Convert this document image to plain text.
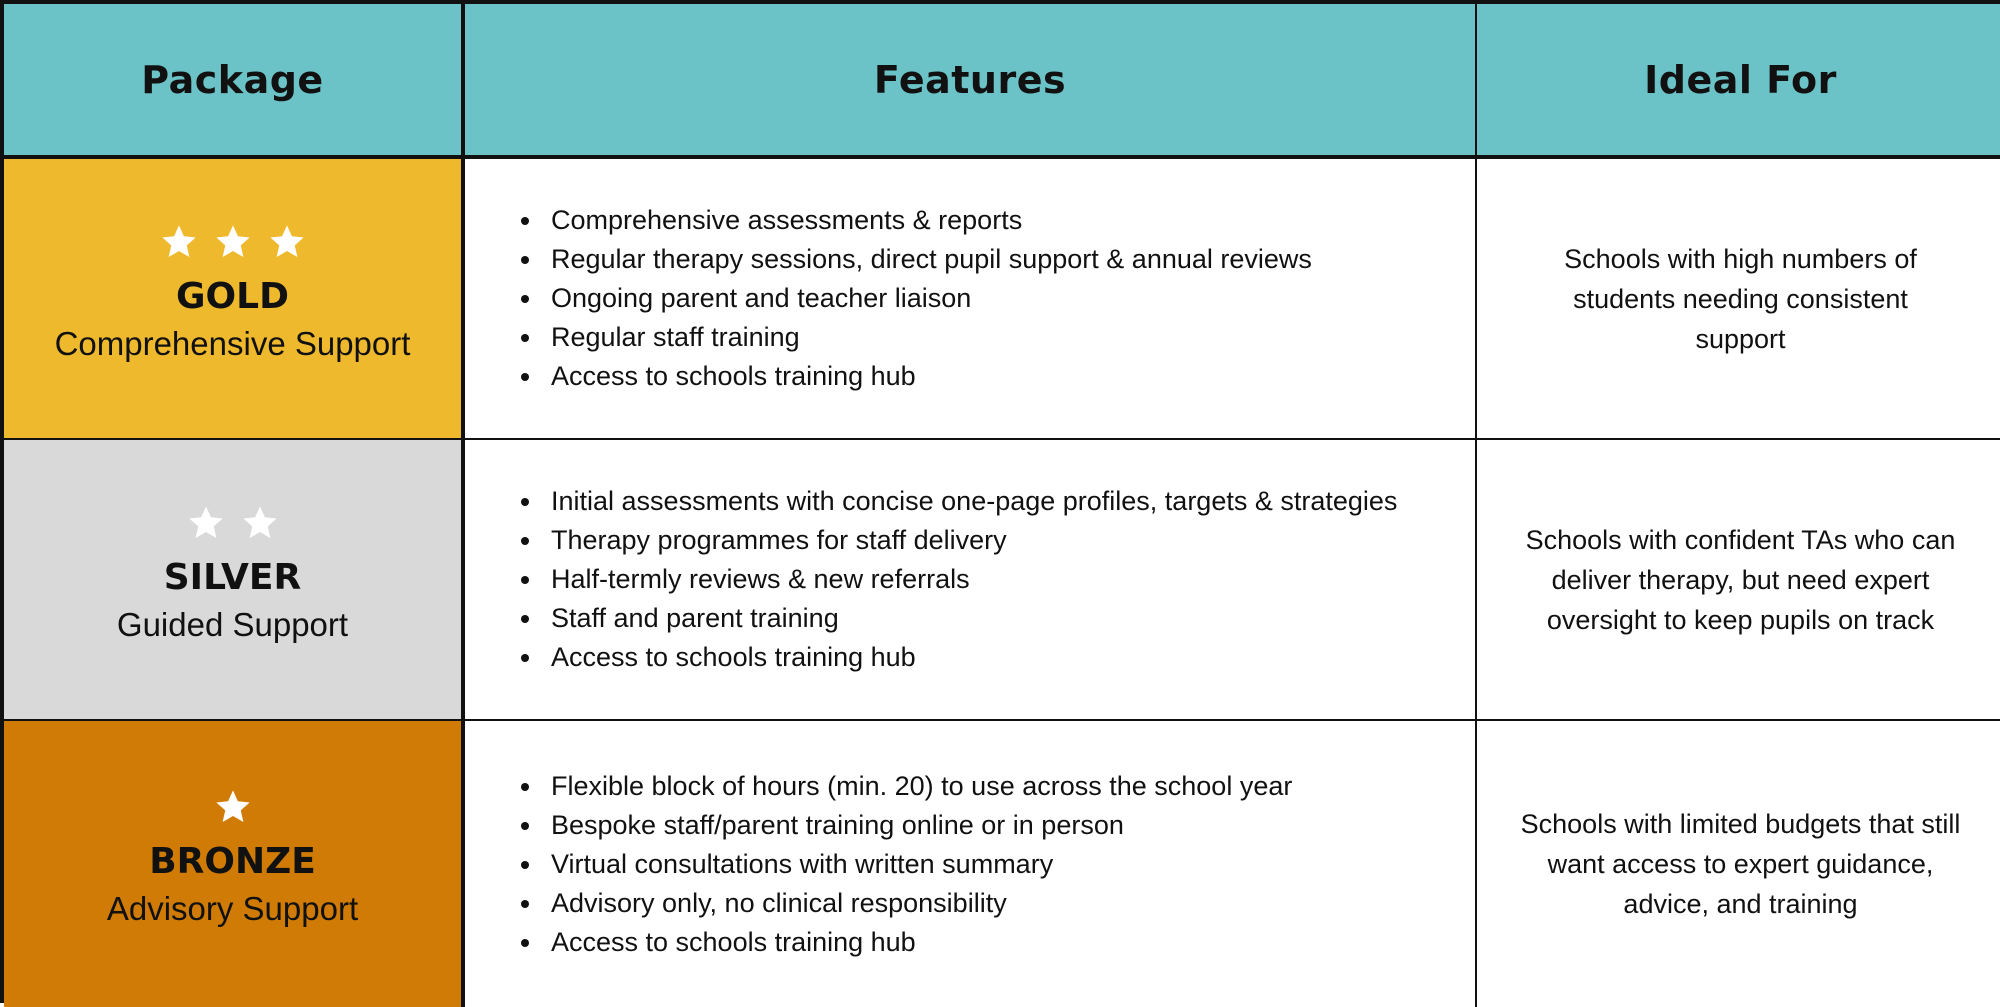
Package	Features	Ideal For
GOLD
Comprehensive Support
Comprehensive assessments & reports
Regular therapy sessions, direct pupil support & annual reviews
Ongoing parent and teacher liaison
Regular staff training
Access to schools training hub
Schools with high numbers of students needing consistent support
SILVER
Guided Support
Initial assessments with concise one-page profiles, targets & strategies
Therapy programmes for staff delivery
Half-termly reviews & new referrals
Staff and parent training
Access to schools training hub
Schools with confident TAs who can deliver therapy, but need expert oversight to keep pupils on track
BRONZE
Advisory Support
Flexible block of hours (min. 20) to use across the school year
Bespoke staff/parent training online or in person
Virtual consultations with written summary
Advisory only, no clinical responsibility
Access to schools training hub
Schools with limited budgets that still want access to expert guidance, advice, and training
